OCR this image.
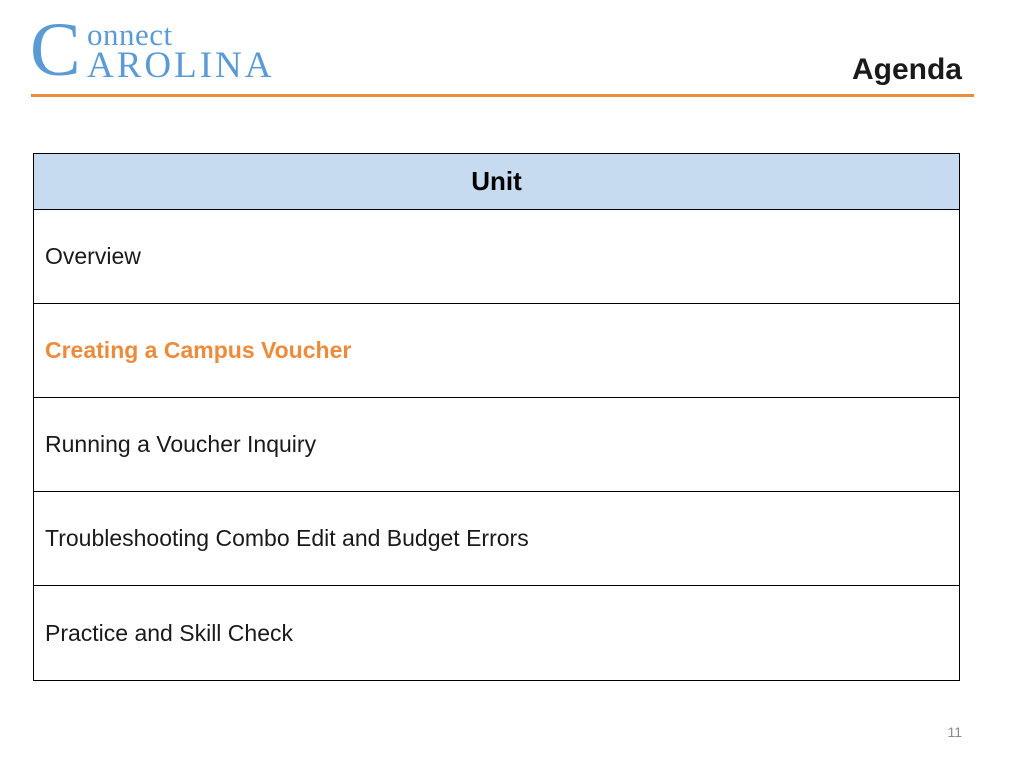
C onnect
AROLINA	Agenda
Unit
Overview
Creating a Campus Voucher
Running a Voucher Inquiry
Troubleshooting Combo Edit and Budget Errors
Practice and Skill Check
11
